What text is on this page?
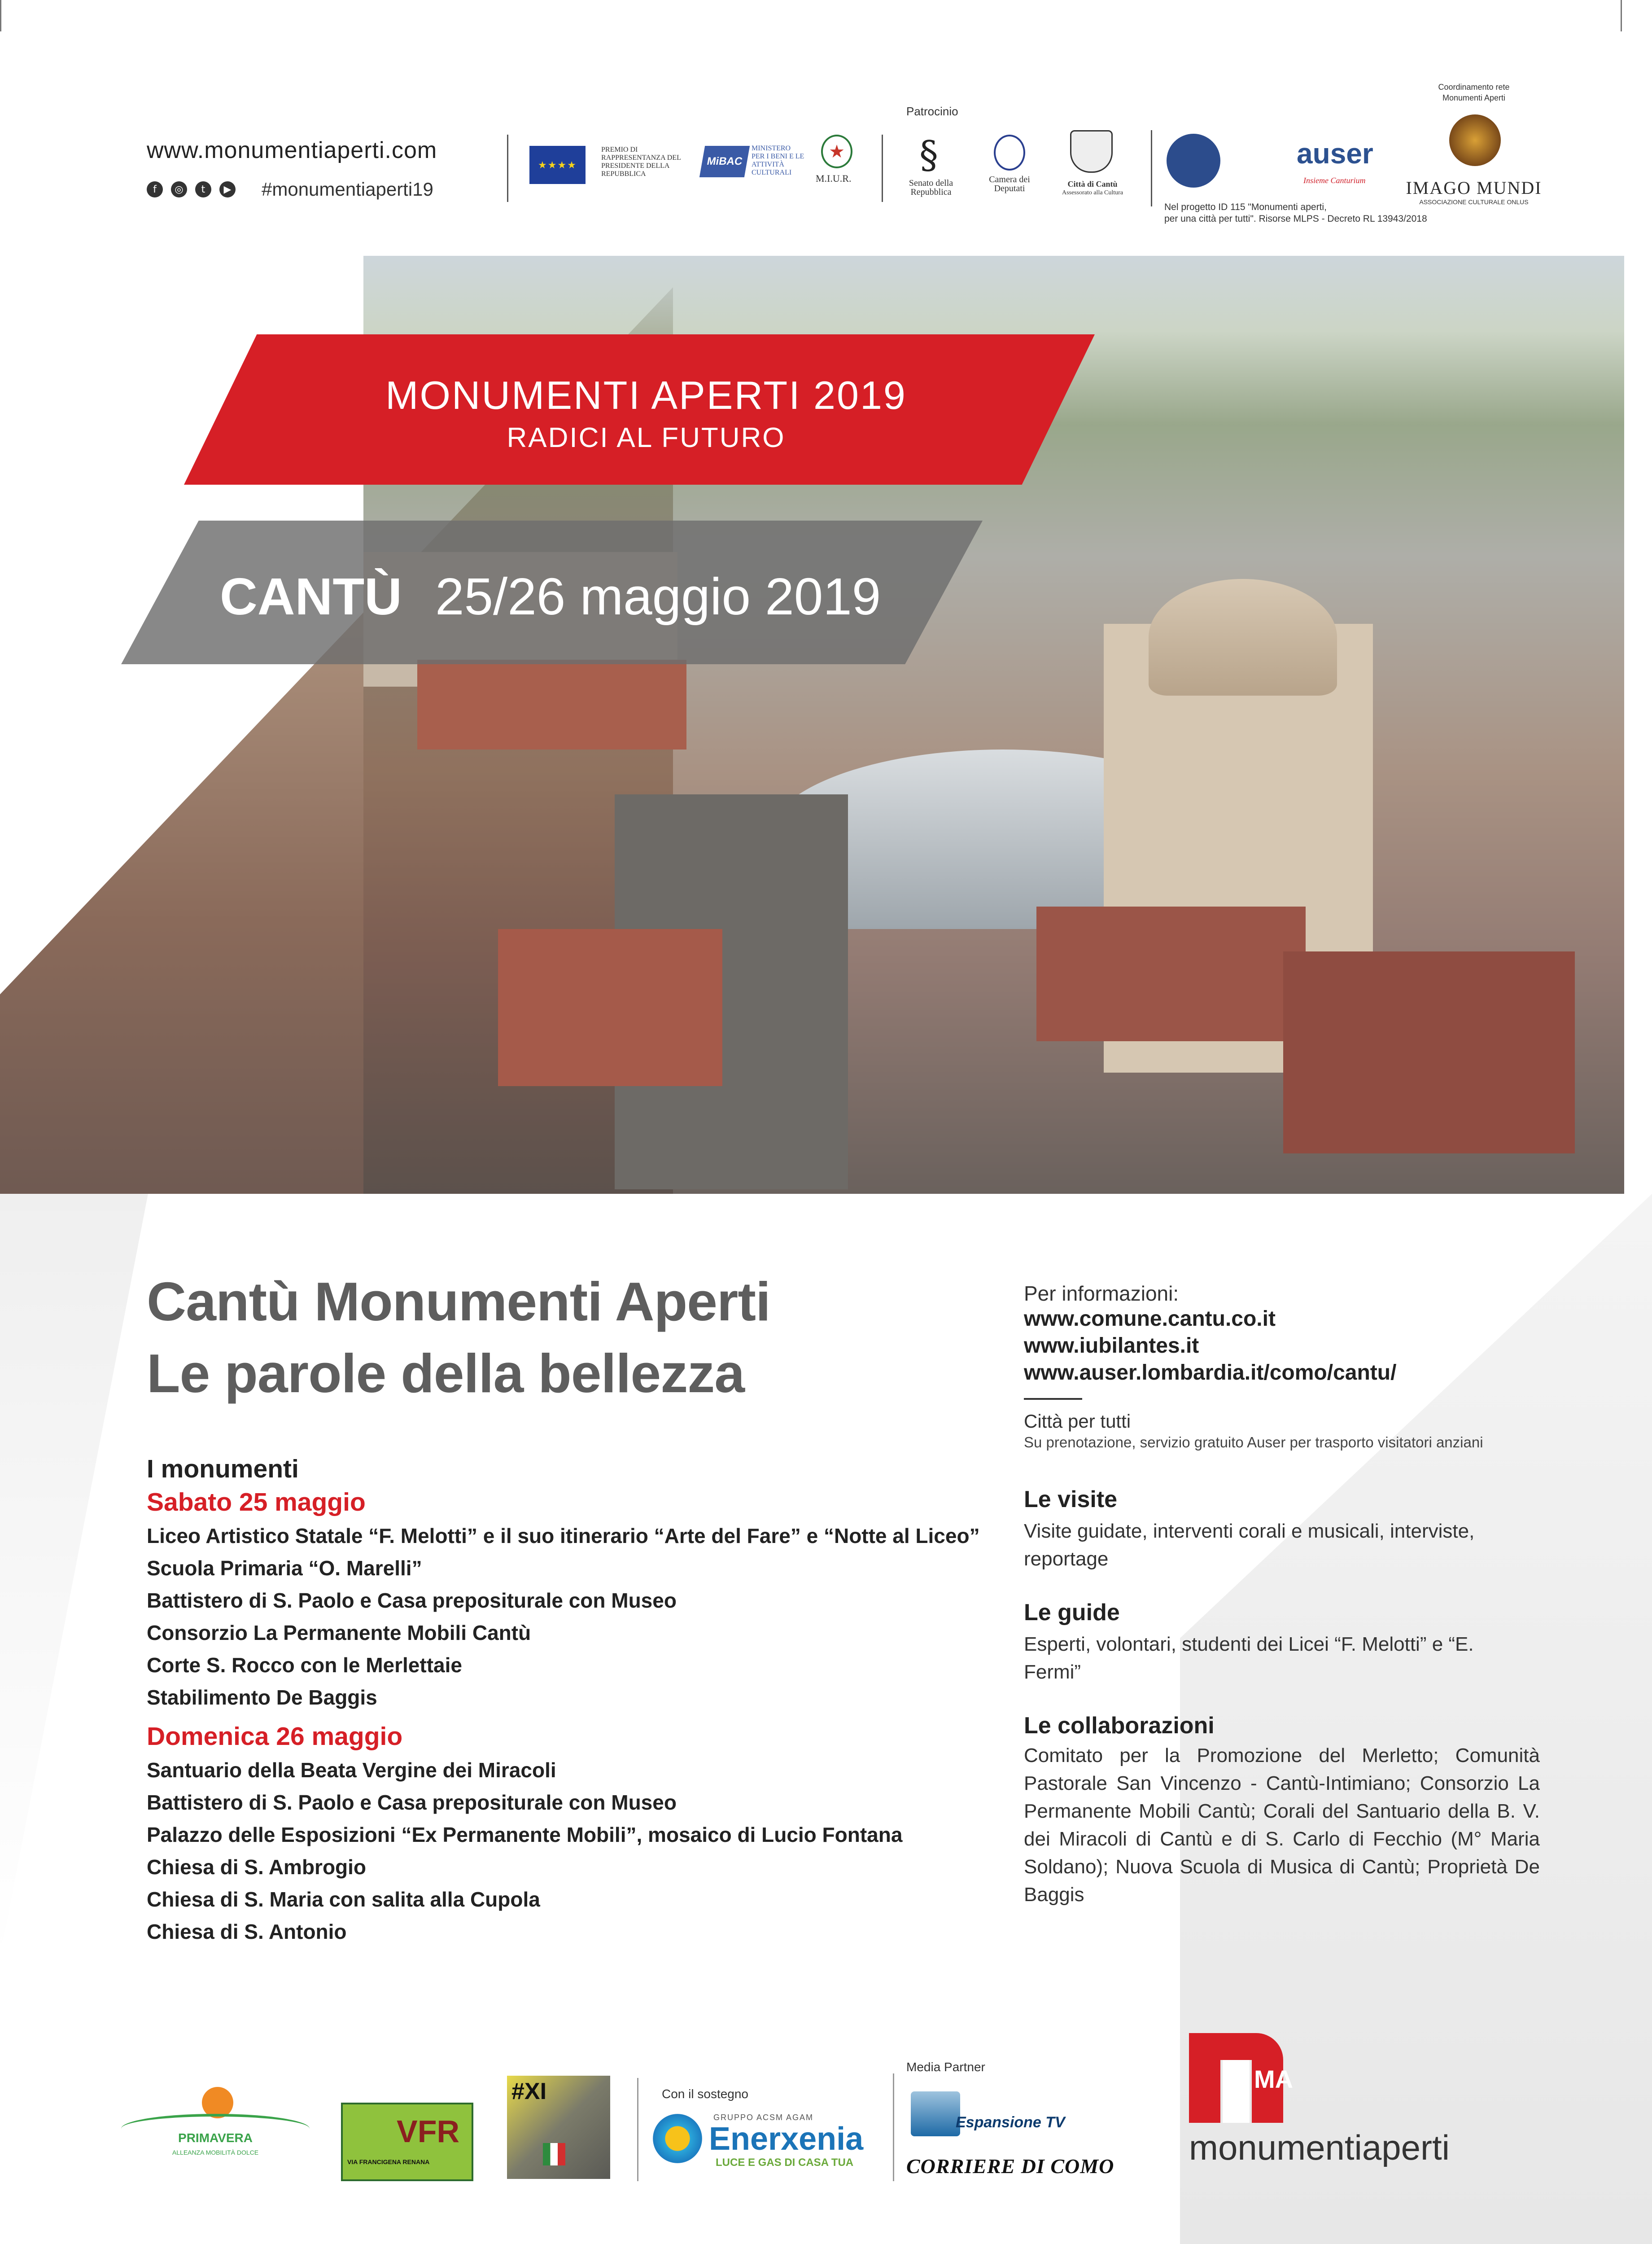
www.monumentiaperti.com
f	◎	t	▶ #monumentiaperti19
★★★★
PREMIO DI RAPPRESENTANZA DEL PRESIDENTE DELLA REPUBBLICA
MiBAC
MINISTERO PER I BENI E LE ATTIVITÀ CULTURALI
★
M.I.U.R.
Patrocinio
§
Senato della Repubblica
Camera dei Deputati	Città di Cantù
Assessorato alla Cultura
auser
Insieme Canturium
Coordinamento rete Monumenti Aperti
IMAGO MUNDI
ASSOCIAZIONE CULTURALE ONLUS
Nel progetto ID 115 "Monumenti aperti,
per una città per tutti". Risorse MLPS - Decreto RL 13943/2018
MONUMENTI APERTI 2019
RADICI AL FUTURO
CANTÙ 25/26 maggio 2019
Cantù Monumenti Aperti
Le parole della bellezza
I monumenti
Sabato 25 maggio
Liceo Artistico Statale “F. Melotti” e il suo itinerario “Arte del Fare” e “Notte al Liceo”
Scuola Primaria “O. Marelli”
Battistero di S. Paolo e Casa prepositurale con Museo
Consorzio La Permanente Mobili Cantù
Corte S. Rocco con le Merlettaie
Stabilimento De Baggis
Domenica 26 maggio
Santuario della Beata Vergine dei Miracoli
Battistero di S. Paolo e Casa prepositurale con Museo
Palazzo delle Esposizioni “Ex Permanente Mobili”, mosaico di Lucio Fontana
Chiesa di S. Ambrogio
Chiesa di S. Maria con salita alla Cupola
Chiesa di S. Antonio
Per informazioni:
www.comune.cantu.co.it
www.iubilantes.it
www.auser.lombardia.it/como/cantu/
Città per tutti
Su prenotazione, servizio gratuito Auser per trasporto visitatori anziani
Le visite
Visite guidate, interventi corali e musicali, interviste, reportage
Le guide
Esperti, volontari, studenti dei Licei “F. Melotti” e “E. Fermi”
Le collaborazioni
Comitato per la Promozione del Merletto; Comunità Pastorale San Vincenzo - Cantù-Intimiano; Consorzio La Permanente Mobili Cantù; Corali del Santuario della B. V. dei Miracoli di Cantù e di S. Carlo di Fecchio (M° Maria Soldano); Nuova Scuola di Musica di Cantù; Proprietà De Baggis
PRIMAVERA
ALLEANZA MOBILITÀ DOLCE
VFR
VIA FRANCIGENA RENANA
#XI	Con il sostegno
GRUPPO ACSM AGAM
Enerxenia
LUCE E GAS DI CASA TUA
Media Partner
Espansione TV
CORRIERE DI COMO
MA
monumentiaperti
